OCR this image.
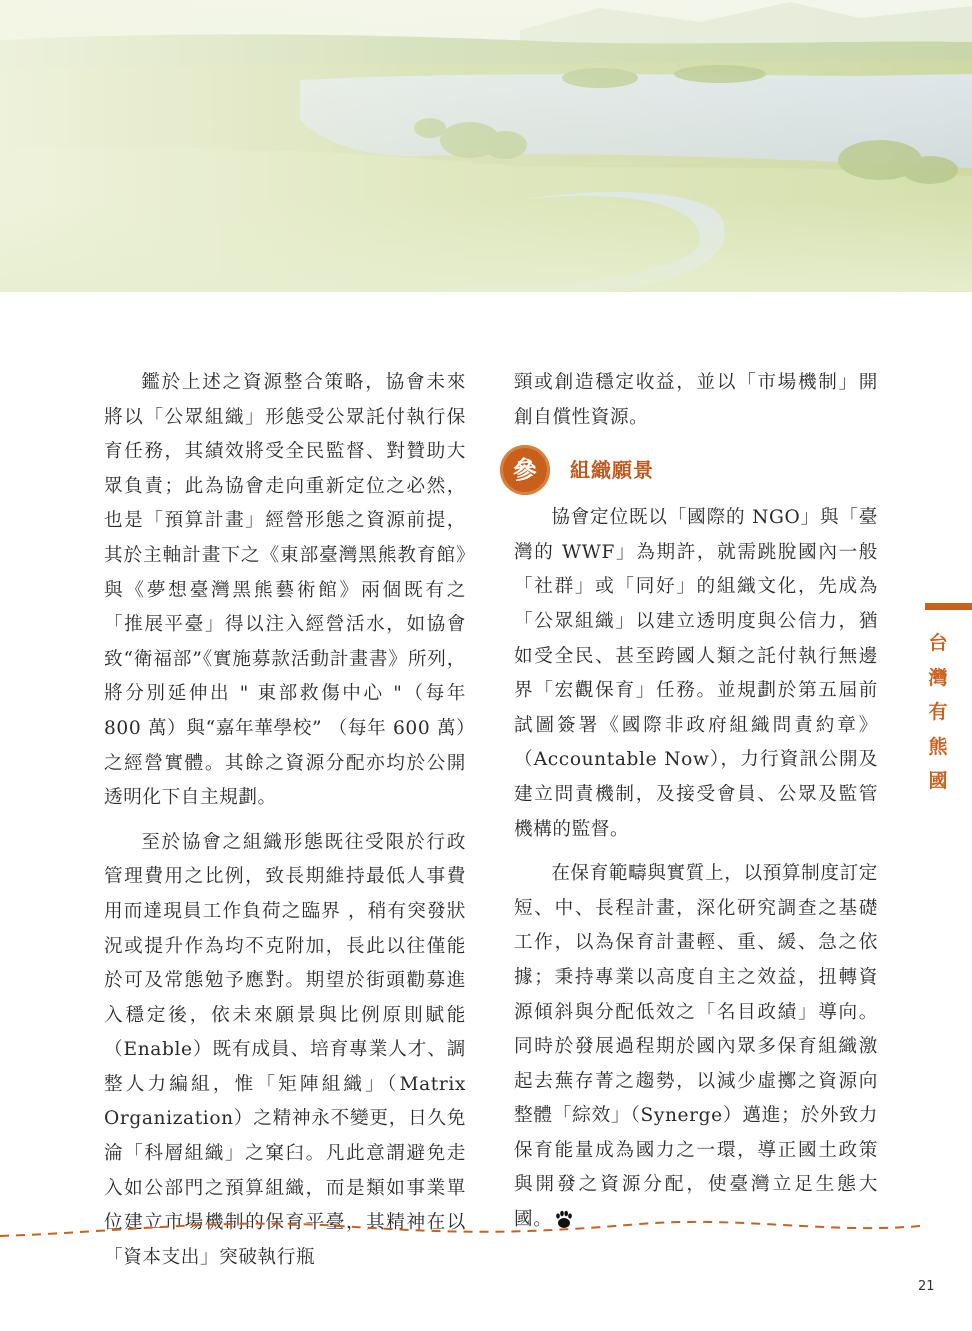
鑑於上述之資源整合策略，協會未來將以「公眾組織」形態受公眾託付執行保育任務，其績效將受全民監督、對贊助大眾負責；此為協會走向重新定位之必然，也是「預算計畫」經營形態之資源前提，其於主軸計畫下之《東部臺灣黑熊教育館》與《夢想臺灣黑熊藝術館》兩個既有之「推展平臺」得以注入經營活水，如協會致“衛福部”《實施募款活動計畫書》所列，將分別延伸出 " 東部救傷中心 "（每年 800 萬）與“嘉年華學校” （每年 600 萬）之經營實體。其餘之資源分配亦均於公開透明化下自主規劃。

至於協會之組織形態既往受限於行政管理費用之比例，致長期維持最低人事費用而達現員工作負荷之臨界 ，稍有突發狀況或提升作為均不克附加，長此以往僅能於可及常態勉予應對。期望於街頭勸募進入穩定後，依未來願景與比例原則賦能（Enable）既有成員、培育專業人才、調整人力編組，惟「矩陣組織」（Matrix Organization）之精神永不變更，日久免淪「科層組織」之窠臼。凡此意謂避免走入如公部門之預算組織，而是類如事業單位建立市場機制的保育平臺，其精神在以「資本支出」突破執行瓶

頸或創造穩定收益，並以「市場機制」開創自償性資源。

參	組織願景

協會定位既以「國際的 NGO」與「臺灣的 WWF」為期許，就需跳脫國內一般「社群」或「同好」的組織文化，先成為「公眾組織」以建立透明度與公信力，猶如受全民、甚至跨國人類之託付執行無邊界「宏觀保育」任務。並規劃於第五屆前試圖簽署《國際非政府組織問責約章》（Accountable Now），力行資訊公開及建立問責機制，及接受會員、公眾及監管機構的監督。

在保育範疇與實質上，以預算制度訂定短、中、長程計畫，深化研究調查之基礎工作，以為保育計畫輕、重、緩、急之依據；秉持專業以高度自主之效益，扭轉資源傾斜與分配低效之「名目政績」導向。同時於發展過程期於國內眾多保育組織激起去蕪存菁之趨勢，以減少虛擲之資源向整體「綜效」（Synerge）邁進；於外致力保育能量成為國力之一環，導正國土政策與開發之資源分配，使臺灣立足生態大國。

台灣有熊國
21
